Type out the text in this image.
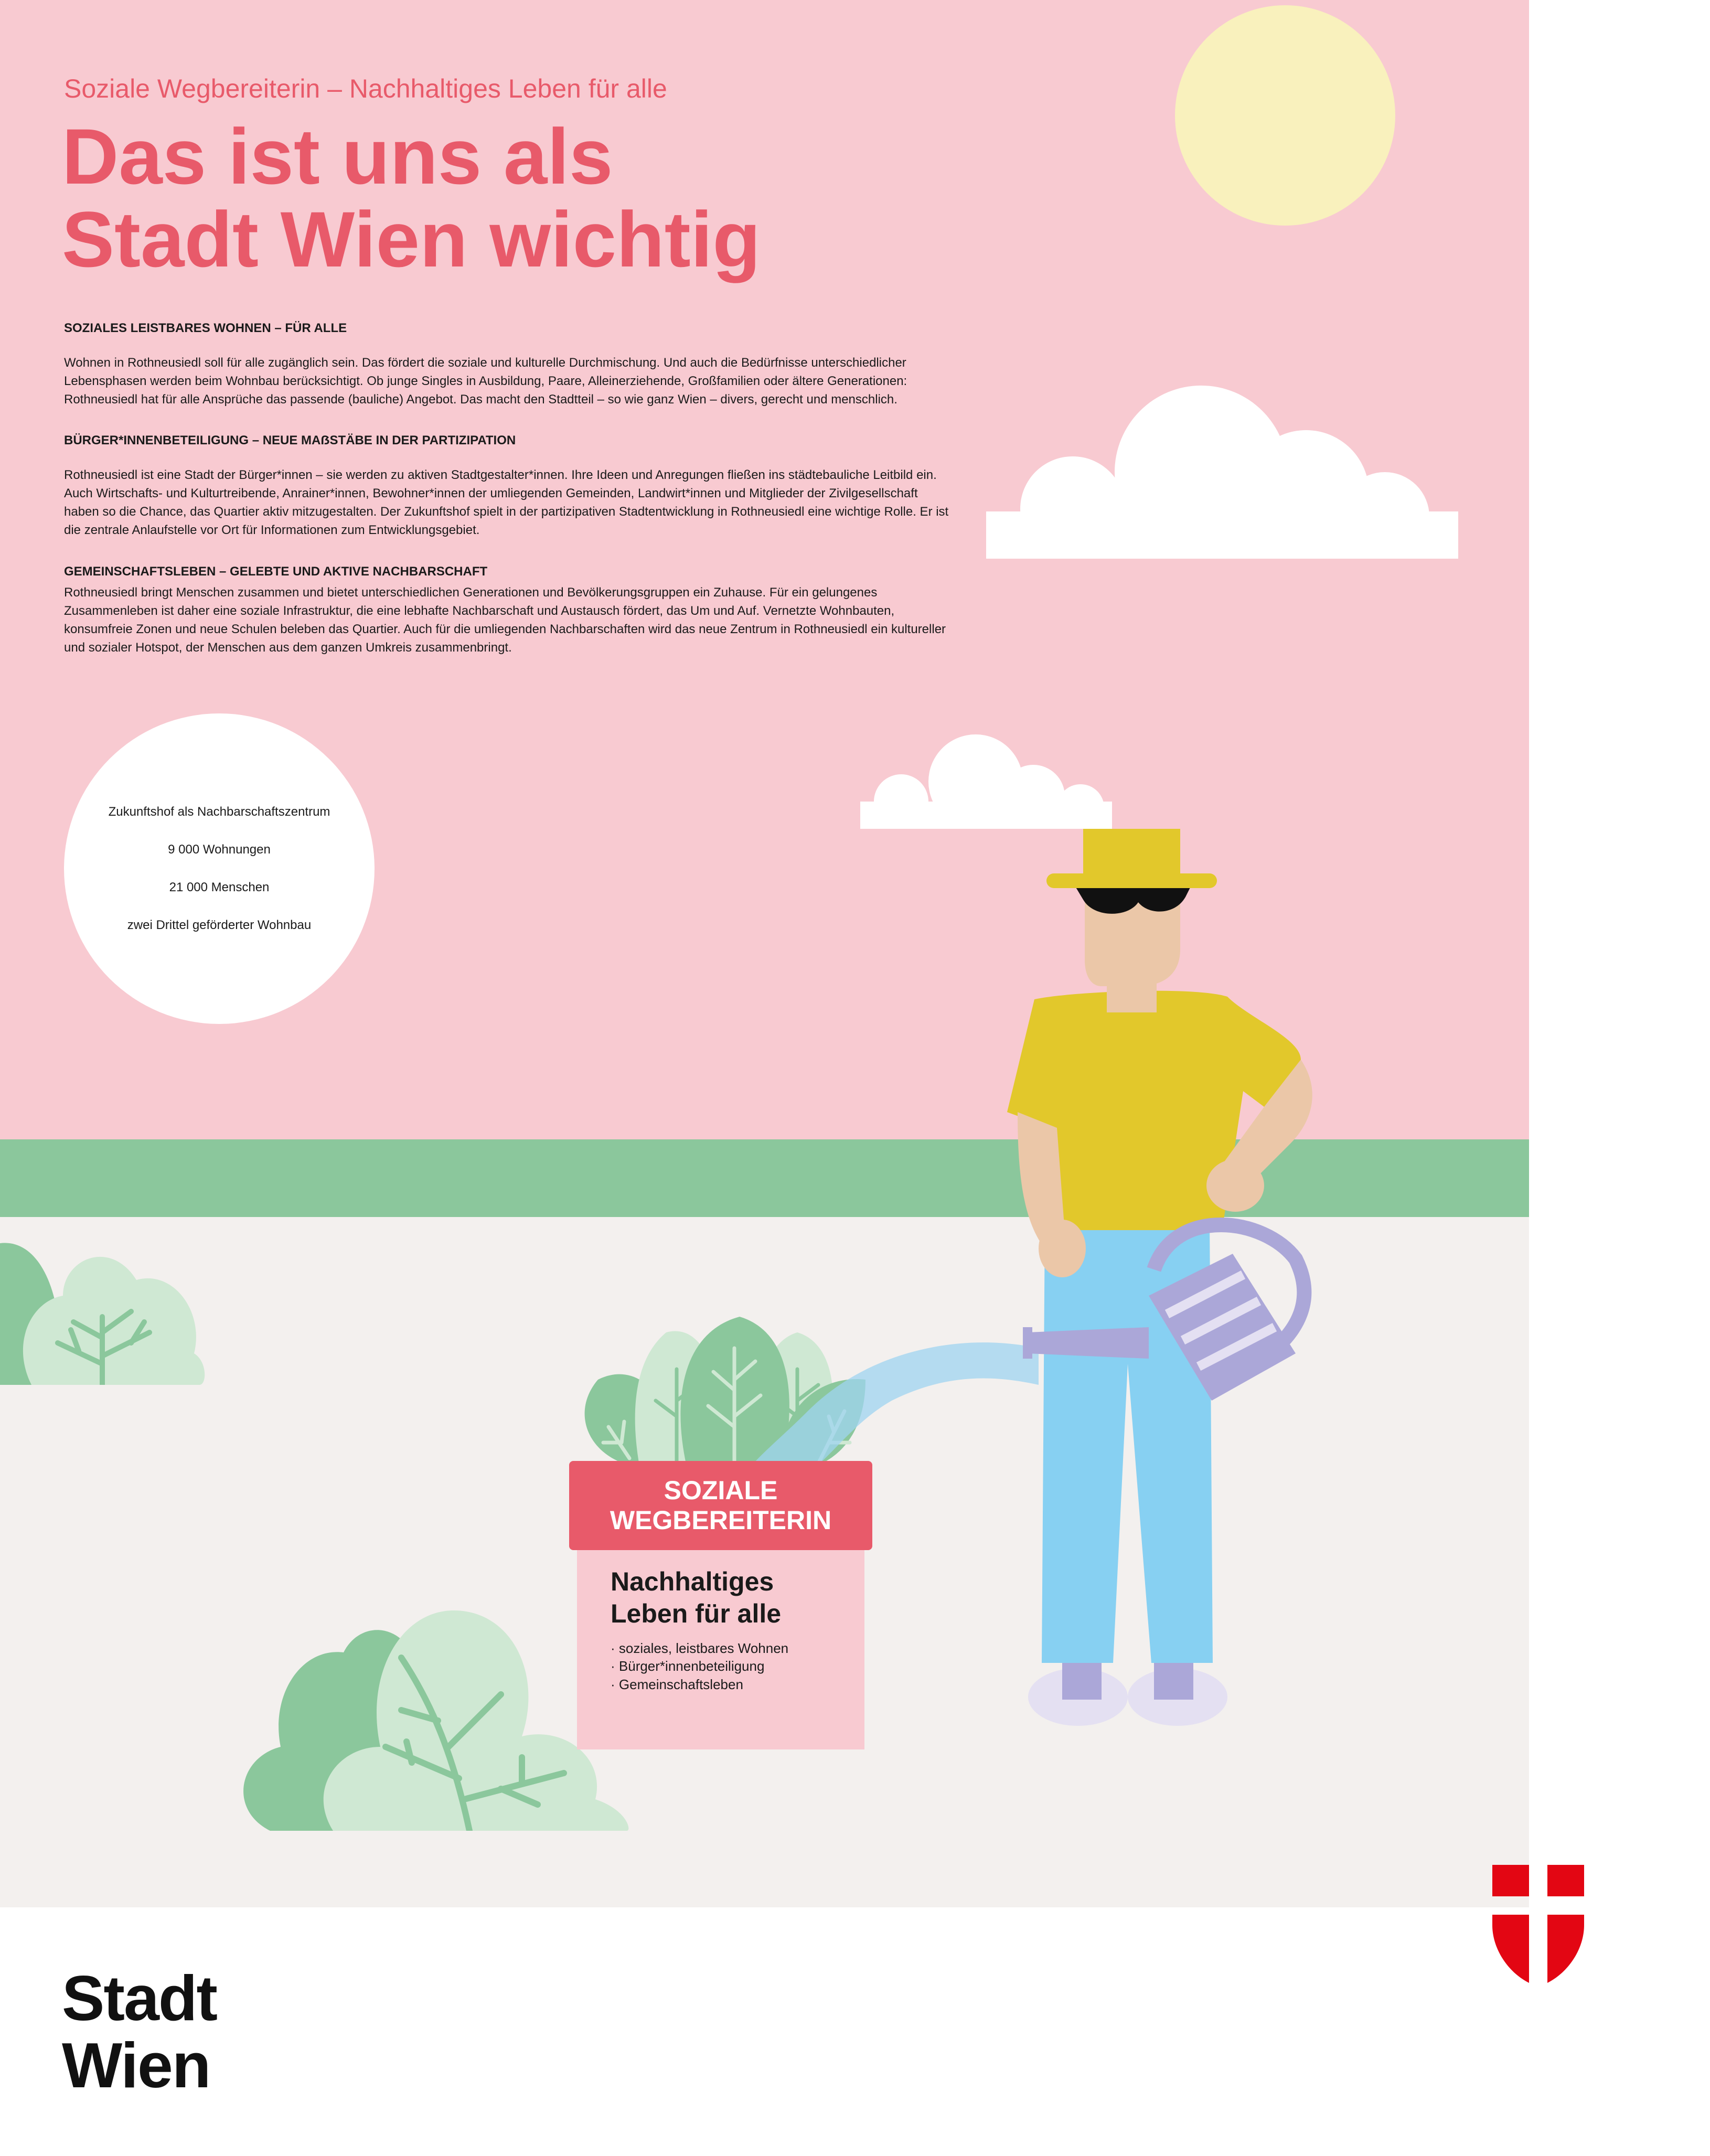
Soziale Wegbereiterin – Nachhaltiges Leben für alle
Das ist uns als
Stadt Wien wichtig

SOZIALES LEISTBARES WOHNEN – FÜR ALLE

Wohnen in Rothneusiedl soll für alle zugänglich sein. Das fördert die soziale und kulturelle Durchmischung. Und auch die Bedürfnisse unterschiedlicher Lebensphasen werden beim Wohnbau berücksichtigt. Ob junge Singles in Ausbildung, Paare, Alleinerziehende, Großfamilien oder ältere Generationen: Rothneusiedl hat für alle Ansprüche das passende (bauliche) Angebot. Das macht den Stadtteil – so wie ganz Wien – divers, gerecht und menschlich.

BÜRGER*INNENBETEILIGUNG – NEUE MAẞSTÄBE IN DER PARTIZIPATION

Rothneusiedl ist eine Stadt der Bürger*innen – sie werden zu aktiven Stadtgestalter*innen. Ihre Ideen und Anregungen fließen ins städtebauliche Leitbild ein. Auch Wirtschafts- und Kulturtreibende, Anrainer*innen, Bewohner*innen der umliegenden Gemeinden, Landwirt*innen und Mitglieder der Zivilgesellschaft haben so die Chance, das Quartier aktiv mitzugestalten. Der Zukunftshof spielt in der partizipativen Stadtentwicklung in Rothneusiedl eine wichtige Rolle. Er ist die zentrale Anlaufstelle vor Ort für Informationen zum Entwicklungsgebiet.

GEMEINSCHAFTSLEBEN – GELEBTE UND AKTIVE NACHBARSCHAFT

Rothneusiedl bringt Menschen zusammen und bietet unterschiedlichen Generationen und Bevölkerungsgruppen ein Zuhause. Für ein gelungenes Zusammenleben ist daher eine soziale Infrastruktur, die eine lebhafte Nachbarschaft und Austausch fördert, das Um und Auf. Vernetzte Wohnbauten, konsumfreie Zonen und neue Schulen beleben das Quartier. Auch für die umliegenden Nachbarschaften wird das neue Zentrum in Rothneusiedl ein kultureller und sozialer Hotspot, der Menschen aus dem ganzen Umkreis zusammenbringt.

Zukunftshof als Nachbarschaftszentrum

9 000 Wohnungen

21 000 Menschen

zwei Drittel geförderter Wohnbau

SOZIALE
WEGBEREITERIN
Nachhaltiges
Leben für alle
· soziales, leistbares Wohnen
· Bürger*innenbeteiligung
· Gemeinschaftsleben
Stadt
Wien
